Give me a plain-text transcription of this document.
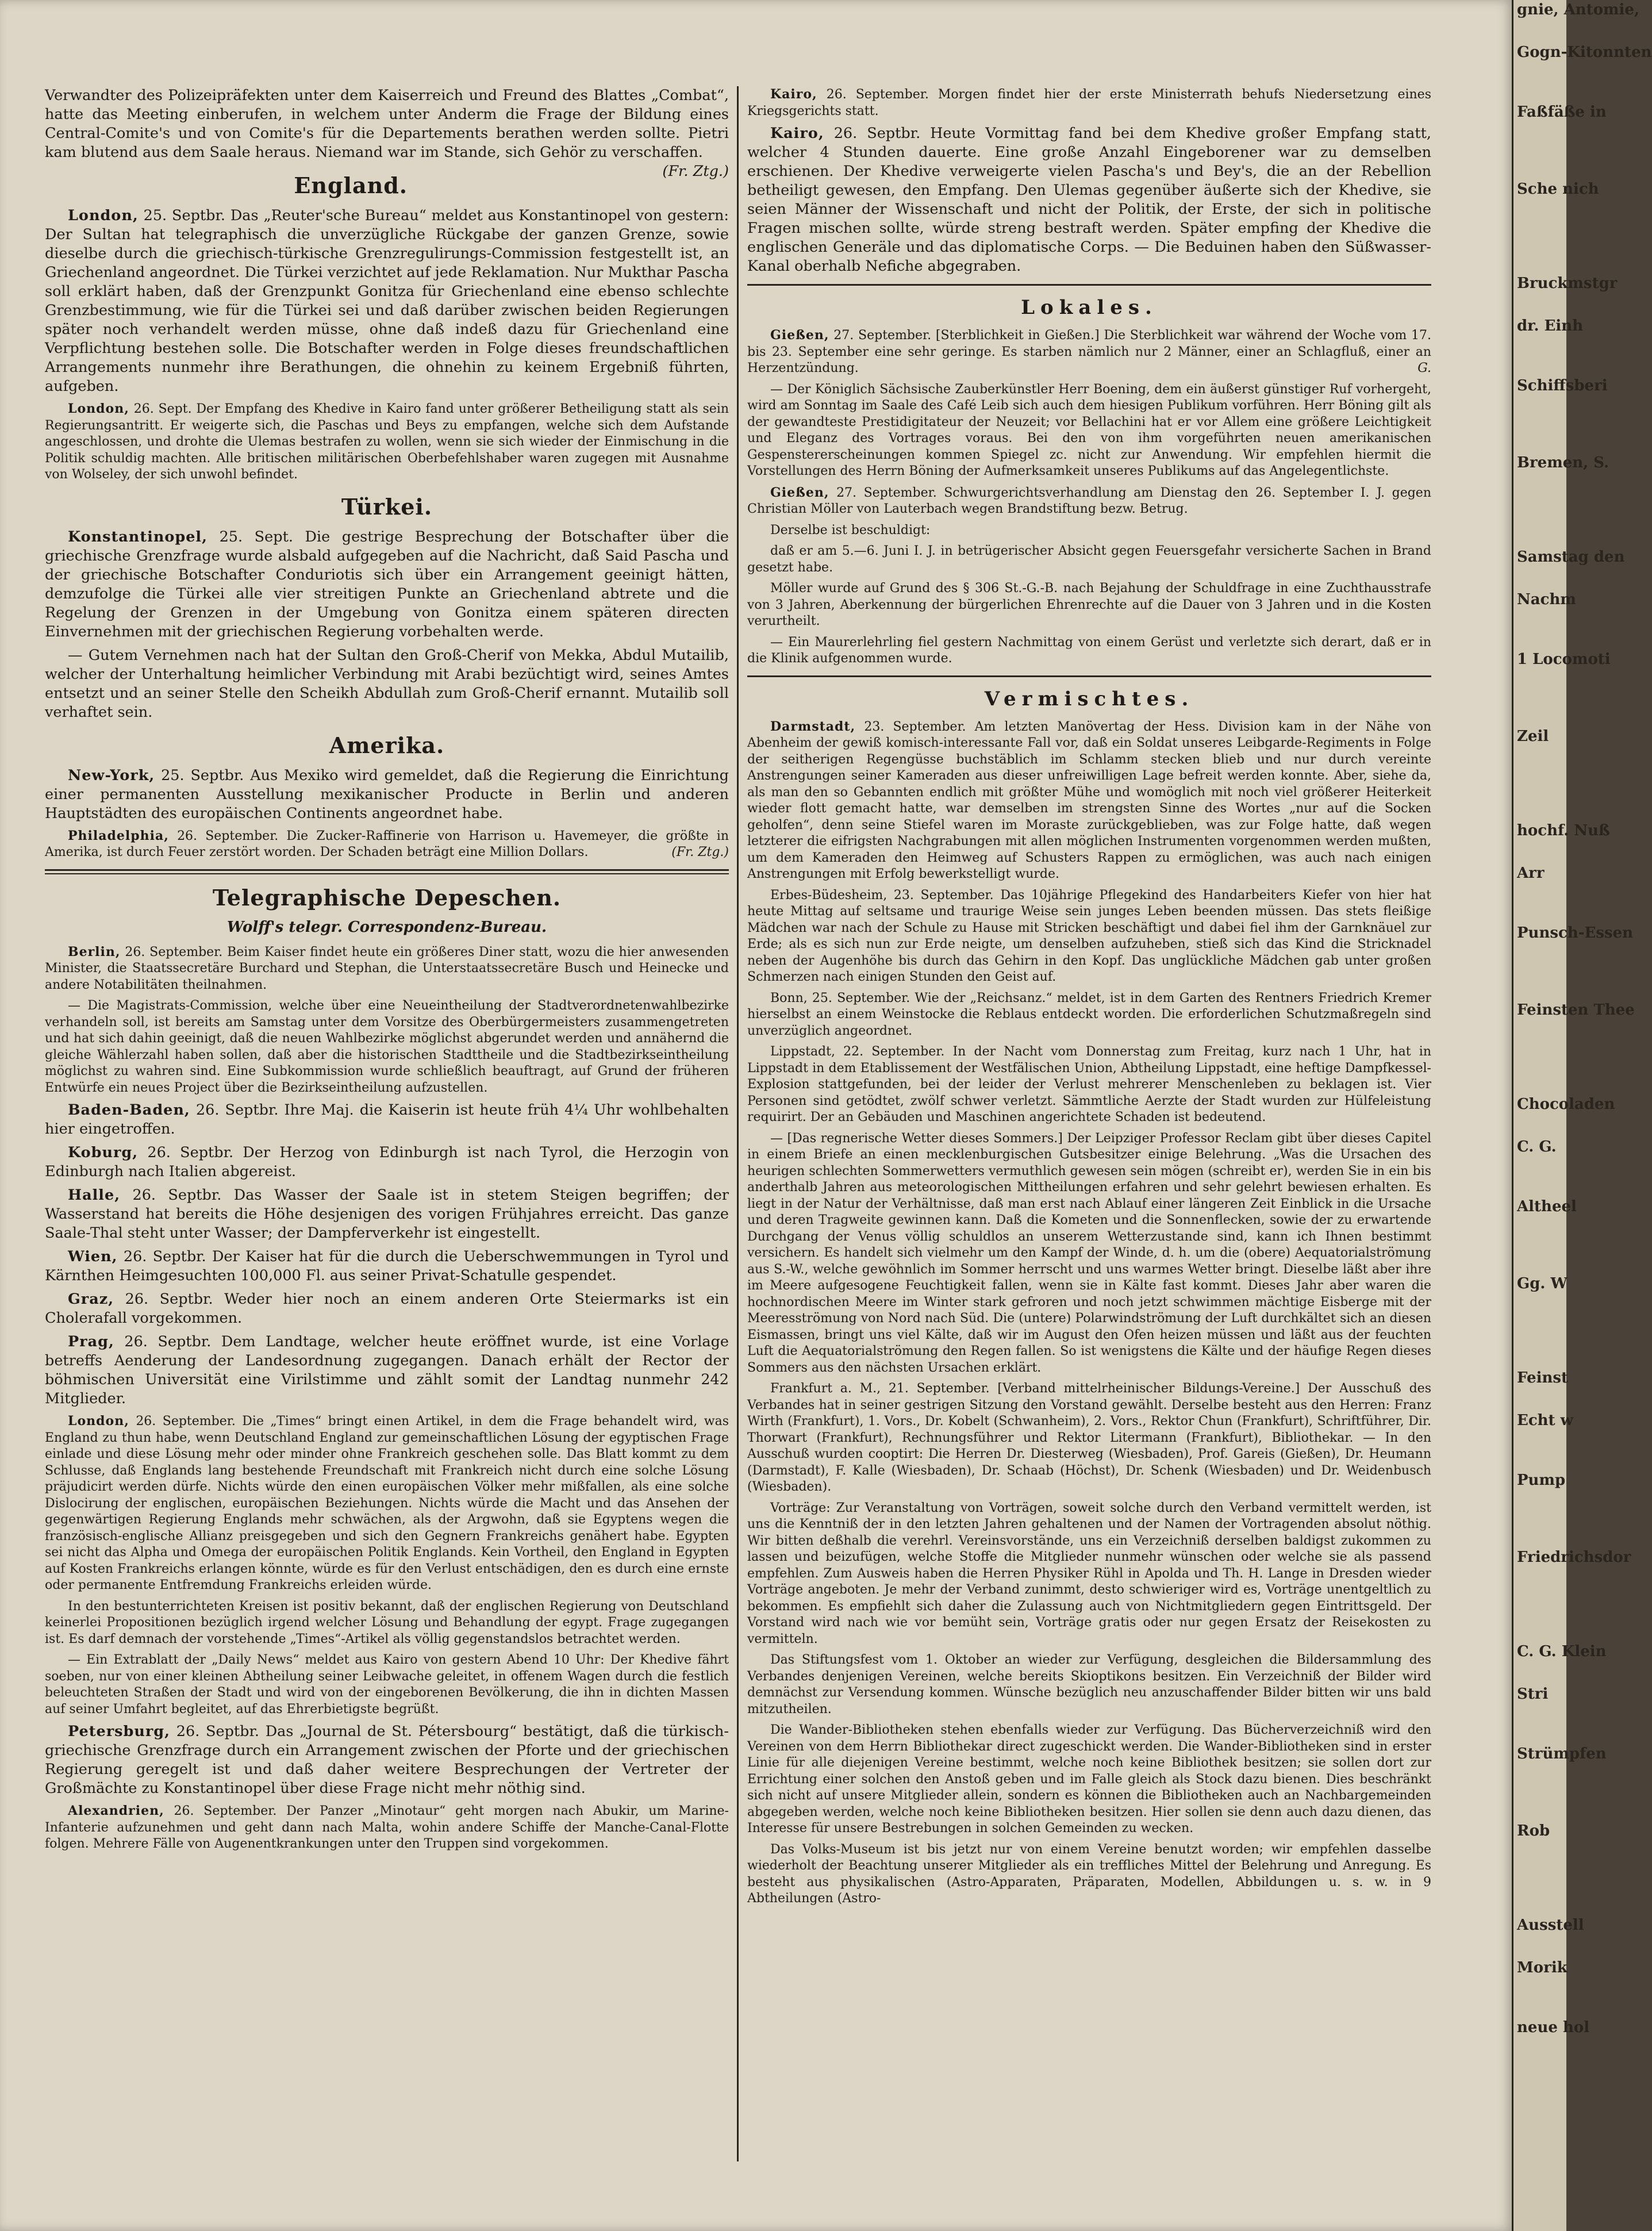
Verwandter des Polizeipräfekten unter dem Kaiserreich und Freund des Blattes „Combat“, hatte das Meeting einberufen, in welchem unter Anderm die Frage der Bildung eines Central-Comite's und von Comite's für die Departements berathen werden sollte. Pietri kam blutend aus dem Saale heraus. Niemand war im Stande, sich Gehör zu verschaffen.
(Fr. Ztg.)

England.

London, 25. Septbr. Das „Reuter'sche Bureau“ meldet aus Konstantinopel von gestern: Der Sultan hat telegraphisch die unverzügliche Rückgabe der ganzen Grenze, sowie dieselbe durch die griechisch-türkische Grenzregulirungs-Commission festgestellt ist, an Griechenland angeordnet. Die Türkei verzichtet auf jede Reklamation. Nur Mukthar Pascha soll erklärt haben, daß der Grenzpunkt Gonitza für Griechenland eine ebenso schlechte Grenzbestimmung, wie für die Türkei sei und daß darüber zwischen beiden Regierungen später noch verhandelt werden müsse, ohne daß indeß dazu für Griechenland eine Verpflichtung bestehen solle. Die Botschafter werden in Folge dieses freundschaftlichen Arrangements nunmehr ihre Berathungen, die ohnehin zu keinem Ergebniß führten, aufgeben.

London, 26. Sept. Der Empfang des Khedive in Kairo fand unter größerer Betheiligung statt als sein Regierungsantritt. Er weigerte sich, die Paschas und Beys zu empfangen, welche sich dem Aufstande angeschlossen, und drohte die Ulemas bestrafen zu wollen, wenn sie sich wieder der Einmischung in die Politik schuldig machten. Alle britischen militärischen Oberbefehlshaber waren zugegen mit Ausnahme von Wolseley, der sich unwohl befindet.

Türkei.

Konstantinopel, 25. Sept. Die gestrige Besprechung der Botschafter über die griechische Grenzfrage wurde alsbald aufgegeben auf die Nachricht, daß Said Pascha und der griechische Botschafter Conduriotis sich über ein Arrangement geeinigt hätten, demzufolge die Türkei alle vier streitigen Punkte an Griechenland abtrete und die Regelung der Grenzen in der Umgebung von Gonitza einem späteren directen Einvernehmen mit der griechischen Regierung vorbehalten werde.

— Gutem Vernehmen nach hat der Sultan den Groß-Cherif von Mekka, Abdul Mutailib, welcher der Unterhaltung heimlicher Verbindung mit Arabi bezüchtigt wird, seines Amtes entsetzt und an seiner Stelle den Scheikh Abdullah zum Groß-Cherif ernannt. Mutailib soll verhaftet sein.

Amerika.

New-York, 25. Septbr. Aus Mexiko wird gemeldet, daß die Regierung die Einrichtung einer permanenten Ausstellung mexikanischer Producte in Berlin und anderen Hauptstädten des europäischen Continents angeordnet habe.

Philadelphia, 26. September. Die Zucker-Raffinerie von Harrison u. Havemeyer, die größte in Amerika, ist durch Feuer zerstört worden. Der Schaden beträgt eine Million Dollars.	(Fr. Ztg.)

Telegraphische Depeschen.
Wolff's telegr. Correspondenz-Bureau.

Berlin, 26. September. Beim Kaiser findet heute ein größeres Diner statt, wozu die hier anwesenden Minister, die Staatssecretäre Burchard und Stephan, die Unterstaatssecretäre Busch und Heinecke und andere Notabilitäten theilnahmen.

— Die Magistrats-Commission, welche über eine Neueintheilung der Stadtverordnetenwahlbezirke verhandeln soll, ist bereits am Samstag unter dem Vorsitze des Oberbürgermeisters zusammengetreten und hat sich dahin geeinigt, daß die neuen Wahlbezirke möglichst abgerundet werden und annähernd die gleiche Wählerzahl haben sollen, daß aber die historischen Stadttheile und die Stadtbezirkseintheilung möglichst zu wahren sind. Eine Subkommission wurde schließlich beauftragt, auf Grund der früheren Entwürfe ein neues Project über die Bezirkseintheilung aufzustellen.

Baden-Baden, 26. Septbr. Ihre Maj. die Kaiserin ist heute früh 4¼ Uhr wohlbehalten hier eingetroffen.

Koburg, 26. Septbr. Der Herzog von Edinburgh ist nach Tyrol, die Herzogin von Edinburgh nach Italien abgereist.

Halle, 26. Septbr. Das Wasser der Saale ist in stetem Steigen begriffen; der Wasserstand hat bereits die Höhe desjenigen des vorigen Frühjahres erreicht. Das ganze Saale-Thal steht unter Wasser; der Dampferverkehr ist eingestellt.

Wien, 26. Septbr. Der Kaiser hat für die durch die Ueberschwemmungen in Tyrol und Kärnthen Heimgesuchten 100,000 Fl. aus seiner Privat-Schatulle gespendet.

Graz, 26. Septbr. Weder hier noch an einem anderen Orte Steiermarks ist ein Cholerafall vorgekommen.

Prag, 26. Septbr. Dem Landtage, welcher heute eröffnet wurde, ist eine Vorlage betreffs Aenderung der Landesordnung zugegangen. Danach erhält der Rector der böhmischen Universität eine Virilstimme und zählt somit der Landtag nunmehr 242 Mitglieder.

London, 26. September. Die „Times“ bringt einen Artikel, in dem die Frage behandelt wird, was England zu thun habe, wenn Deutschland England zur gemeinschaftlichen Lösung der egyptischen Frage einlade und diese Lösung mehr oder minder ohne Frankreich geschehen solle. Das Blatt kommt zu dem Schlusse, daß Englands lang bestehende Freundschaft mit Frankreich nicht durch eine solche Lösung präjudicirt werden dürfe. Nichts würde den einen europäischen Völker mehr mißfallen, als eine solche Dislocirung der englischen, europäischen Beziehungen. Nichts würde die Macht und das Ansehen der gegenwärtigen Regierung Englands mehr schwächen, als der Argwohn, daß sie Egyptens wegen die französisch-englische Allianz preisgegeben und sich den Gegnern Frankreichs genähert habe. Egypten sei nicht das Alpha und Omega der europäischen Politik Englands. Kein Vortheil, den England in Egypten auf Kosten Frankreichs erlangen könnte, würde es für den Verlust entschädigen, den es durch eine ernste oder permanente Entfremdung Frankreichs erleiden würde.

In den bestunterrichteten Kreisen ist positiv bekannt, daß der englischen Regierung von Deutschland keinerlei Propositionen bezüglich irgend welcher Lösung und Behandlung der egypt. Frage zugegangen ist. Es darf demnach der vorstehende „Times“-Artikel als völlig gegenstandslos betrachtet werden.

— Ein Extrablatt der „Daily News“ meldet aus Kairo von gestern Abend 10 Uhr: Der Khedive fährt soeben, nur von einer kleinen Abtheilung seiner Leibwache geleitet, in offenem Wagen durch die festlich beleuchteten Straßen der Stadt und wird von der eingeborenen Bevölkerung, die ihn in dichten Massen auf seiner Umfahrt begleitet, auf das Ehrerbietigste begrüßt.

Petersburg, 26. Septbr. Das „Journal de St. Pétersbourg“ bestätigt, daß die türkisch-griechische Grenzfrage durch ein Arrangement zwischen der Pforte und der griechischen Regierung geregelt ist und daß daher weitere Besprechungen der Vertreter der Großmächte zu Konstantinopel über diese Frage nicht mehr nöthig sind.

Alexandrien, 26. September. Der Panzer „Minotaur“ geht morgen nach Abukir, um Marine-Infanterie aufzunehmen und geht dann nach Malta, wohin andere Schiffe der Manche-Canal-Flotte folgen. Mehrere Fälle von Augenentkrankungen unter den Truppen sind vorgekommen.

Kairo, 26. September. Morgen findet hier der erste Ministerrath behufs Niedersetzung eines Kriegsgerichts statt.

Kairo, 26. Septbr. Heute Vormittag fand bei dem Khedive großer Empfang statt, welcher 4 Stunden dauerte. Eine große Anzahl Eingeborener war zu demselben erschienen. Der Khedive verweigerte vielen Pascha's und Bey's, die an der Rebellion betheiligt gewesen, den Empfang. Den Ulemas gegenüber äußerte sich der Khedive, sie seien Männer der Wissenschaft und nicht der Politik, der Erste, der sich in politische Fragen mischen sollte, würde streng bestraft werden. Später empfing der Khedive die englischen Generäle und das diplomatische Corps. — Die Beduinen haben den Süßwasser-Kanal oberhalb Nefiche abgegraben.

Lokales.

Gießen, 27. September. [Sterblichkeit in Gießen.] Die Sterblichkeit war während der Woche vom 17. bis 23. September eine sehr geringe. Es starben nämlich nur 2 Männer, einer an Schlagfluß, einer an Herzentzündung.	G.

— Der Königlich Sächsische Zauberkünstler Herr Boening, dem ein äußerst günstiger Ruf vorhergeht, wird am Sonntag im Saale des Café Leib sich auch dem hiesigen Publikum vorführen. Herr Böning gilt als der gewandteste Prestidigitateur der Neuzeit; vor Bellachini hat er vor Allem eine größere Leichtigkeit und Eleganz des Vortrages voraus. Bei den von ihm vorgeführten neuen amerikanischen Gespenstererscheinungen kommen Spiegel zc. nicht zur Anwendung. Wir empfehlen hiermit die Vorstellungen des Herrn Böning der Aufmerksamkeit unseres Publikums auf das Angelegentlichste.

Gießen, 27. September. Schwurgerichtsverhandlung am Dienstag den 26. September I. J. gegen Christian Möller von Lauterbach wegen Brandstiftung bezw. Betrug.

Derselbe ist beschuldigt:

daß er am 5.—6. Juni I. J. in betrügerischer Absicht gegen Feuersgefahr versicherte Sachen in Brand gesetzt habe.

Möller wurde auf Grund des § 306 St.-G.-B. nach Bejahung der Schuldfrage in eine Zuchthausstrafe von 3 Jahren, Aberkennung der bürgerlichen Ehrenrechte auf die Dauer von 3 Jahren und in die Kosten verurtheilt.

— Ein Maurerlehrling fiel gestern Nachmittag von einem Gerüst und verletzte sich derart, daß er in die Klinik aufgenommen wurde.

Vermischtes.

Darmstadt, 23. September. Am letzten Manövertag der Hess. Division kam in der Nähe von Abenheim der gewiß komisch-interessante Fall vor, daß ein Soldat unseres Leibgarde-Regiments in Folge der seitherigen Regengüsse buchstäblich im Schlamm stecken blieb und nur durch vereinte Anstrengungen seiner Kameraden aus dieser unfreiwilligen Lage befreit werden konnte. Aber, siehe da, als man den so Gebannten endlich mit größter Mühe und womöglich mit noch viel größerer Heiterkeit wieder flott gemacht hatte, war demselben im strengsten Sinne des Wortes „nur auf die Socken geholfen“, denn seine Stiefel waren im Moraste zurückgeblieben, was zur Folge hatte, daß wegen letzterer die eifrigsten Nachgrabungen mit allen möglichen Instrumenten vorgenommen werden mußten, um dem Kameraden den Heimweg auf Schusters Rappen zu ermöglichen, was auch nach einigen Anstrengungen mit Erfolg bewerkstelligt wurde.

Erbes-Büdesheim, 23. September. Das 10jährige Pflegekind des Handarbeiters Kiefer von hier hat heute Mittag auf seltsame und traurige Weise sein junges Leben beenden müssen. Das stets fleißige Mädchen war nach der Schule zu Hause mit Stricken beschäftigt und dabei fiel ihm der Garnknäuel zur Erde; als es sich nun zur Erde neigte, um denselben aufzuheben, stieß sich das Kind die Stricknadel neben der Augenhöhe bis durch das Gehirn in den Kopf. Das unglückliche Mädchen gab unter großen Schmerzen nach einigen Stunden den Geist auf.

Bonn, 25. September. Wie der „Reichsanz.“ meldet, ist in dem Garten des Rentners Friedrich Kremer hierselbst an einem Weinstocke die Reblaus entdeckt worden. Die erforderlichen Schutzmaßregeln sind unverzüglich angeordnet.

Lippstadt, 22. September. In der Nacht vom Donnerstag zum Freitag, kurz nach 1 Uhr, hat in Lippstadt in dem Etablissement der Westfälischen Union, Abtheilung Lippstadt, eine heftige Dampfkessel-Explosion stattgefunden, bei der leider der Verlust mehrerer Menschenleben zu beklagen ist. Vier Personen sind getödtet, zwölf schwer verletzt. Sämmtliche Aerzte der Stadt wurden zur Hülfeleistung requirirt. Der an Gebäuden und Maschinen angerichtete Schaden ist bedeutend.

— [Das regnerische Wetter dieses Sommers.] Der Leipziger Professor Reclam gibt über dieses Capitel in einem Briefe an einen mecklenburgischen Gutsbesitzer einige Belehrung. „Was die Ursachen des heurigen schlechten Sommerwetters vermuthlich gewesen sein mögen (schreibt er), werden Sie in ein bis anderthalb Jahren aus meteorologischen Mittheilungen erfahren und sehr gelehrt bewiesen erhalten. Es liegt in der Natur der Verhältnisse, daß man erst nach Ablauf einer längeren Zeit Einblick in die Ursache und deren Tragweite gewinnen kann. Daß die Kometen und die Sonnenflecken, sowie der zu erwartende Durchgang der Venus völlig schuldlos an unserem Wetterzustande sind, kann ich Ihnen bestimmt versichern. Es handelt sich vielmehr um den Kampf der Winde, d. h. um die (obere) Aequatorialströmung aus S.-W., welche gewöhnlich im Sommer herrscht und uns warmes Wetter bringt. Dieselbe läßt aber ihre im Meere aufgesogene Feuchtigkeit fallen, wenn sie in Kälte fast kommt. Dieses Jahr aber waren die hochnordischen Meere im Winter stark gefroren und noch jetzt schwimmen mächtige Eisberge mit der Meeresströmung von Nord nach Süd. Die (untere) Polarwindströmung der Luft durchkältet sich an diesen Eismassen, bringt uns viel Kälte, daß wir im August den Ofen heizen müssen und läßt aus der feuchten Luft die Aequatorialströmung den Regen fallen. So ist wenigstens die Kälte und der häufige Regen dieses Sommers aus den nächsten Ursachen erklärt.

Frankfurt a. M., 21. September. [Verband mittelrheinischer Bildungs-Vereine.] Der Ausschuß des Verbandes hat in seiner gestrigen Sitzung den Vorstand gewählt. Derselbe besteht aus den Herren: Franz Wirth (Frankfurt), 1. Vors., Dr. Kobelt (Schwanheim), 2. Vors., Rektor Chun (Frankfurt), Schriftführer, Dir. Thorwart (Frankfurt), Rechnungsführer und Rektor Litermann (Frankfurt), Bibliothekar. — In den Ausschuß wurden cooptirt: Die Herren Dr. Diesterweg (Wiesbaden), Prof. Gareis (Gießen), Dr. Heumann (Darmstadt), F. Kalle (Wiesbaden), Dr. Schaab (Höchst), Dr. Schenk (Wiesbaden) und Dr. Weidenbusch (Wiesbaden).

Vorträge: Zur Veranstaltung von Vorträgen, soweit solche durch den Verband vermittelt werden, ist uns die Kenntniß der in den letzten Jahren gehaltenen und der Namen der Vortragenden absolut nöthig. Wir bitten deßhalb die verehrl. Vereinsvorstände, uns ein Verzeichniß derselben baldigst zukommen zu lassen und beizufügen, welche Stoffe die Mitglieder nunmehr wünschen oder welche sie als passend empfehlen. Zum Ausweis haben die Herren Physiker Rühl in Apolda und Th. H. Lange in Dresden wieder Vorträge angeboten. Je mehr der Verband zunimmt, desto schwieriger wird es, Vorträge unentgeltlich zu bekommen. Es empfiehlt sich daher die Zulassung auch von Nichtmitgliedern gegen Eintrittsgeld. Der Vorstand wird nach wie vor bemüht sein, Vorträge gratis oder nur gegen Ersatz der Reisekosten zu vermitteln.

Das Stiftungsfest vom 1. Oktober an wieder zur Verfügung, desgleichen die Bildersammlung des Verbandes denjenigen Vereinen, welche bereits Skioptikons besitzen. Ein Verzeichniß der Bilder wird demnächst zur Versendung kommen. Wünsche bezüglich neu anzuschaffender Bilder bitten wir uns bald mitzutheilen.

Die Wander-Bibliotheken stehen ebenfalls wieder zur Verfügung. Das Bücherverzeichniß wird den Vereinen von dem Herrn Bibliothekar direct zugeschickt werden. Die Wander-Bibliotheken sind in erster Linie für alle diejenigen Vereine bestimmt, welche noch keine Bibliothek besitzen; sie sollen dort zur Errichtung einer solchen den Anstoß geben und im Falle gleich als Stock dazu bienen. Dies beschränkt sich nicht auf unsere Mitglieder allein, sondern es können die Bibliotheken auch an Nachbargemeinden abgegeben werden, welche noch keine Bibliotheken besitzen. Hier sollen sie denn auch dazu dienen, das Interesse für unsere Bestrebungen in solchen Gemeinden zu wecken.

Das Volks-Museum ist bis jetzt nur von einem Vereine benutzt worden; wir empfehlen dasselbe wiederholt der Beachtung unserer Mitglieder als ein treffliches Mittel der Belehrung und Anregung. Es besteht aus physikalischen (Astro-Apparaten, Präparaten, Modellen, Abbildungen u. s. w. in 9 Abtheilungen (Astro-

gnie, Antomie,
Gogn-Kitonnten
Faßfäße in
Sche nich
Bruckmstgr
dr. Einh
Schiffsberi
Bremen, S.
Samstag den
Nachm
1 Locomoti
Zeil
hochf. Nuß
Arr
Punsch-Essen
Feinsten Thee
Chocoladen
C. G.
Altheel
Gg. W
Feinst
Echt w
Pump
Friedrichsdor
C. G. Klein
Stri
Strümpfen
Rob
Ausstell
Morik
neue hol
